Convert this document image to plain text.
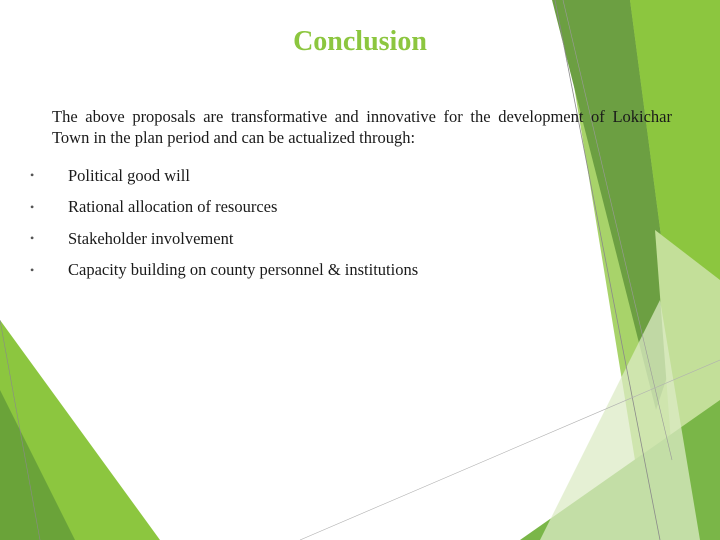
Conclusion
The above proposals are transformative and innovative for the development of Lokichar Town in the plan period and can be actualized through:
•	Political good will
•	Rational allocation of resources
•	Stakeholder involvement
•	Capacity building on county personnel & institutions
